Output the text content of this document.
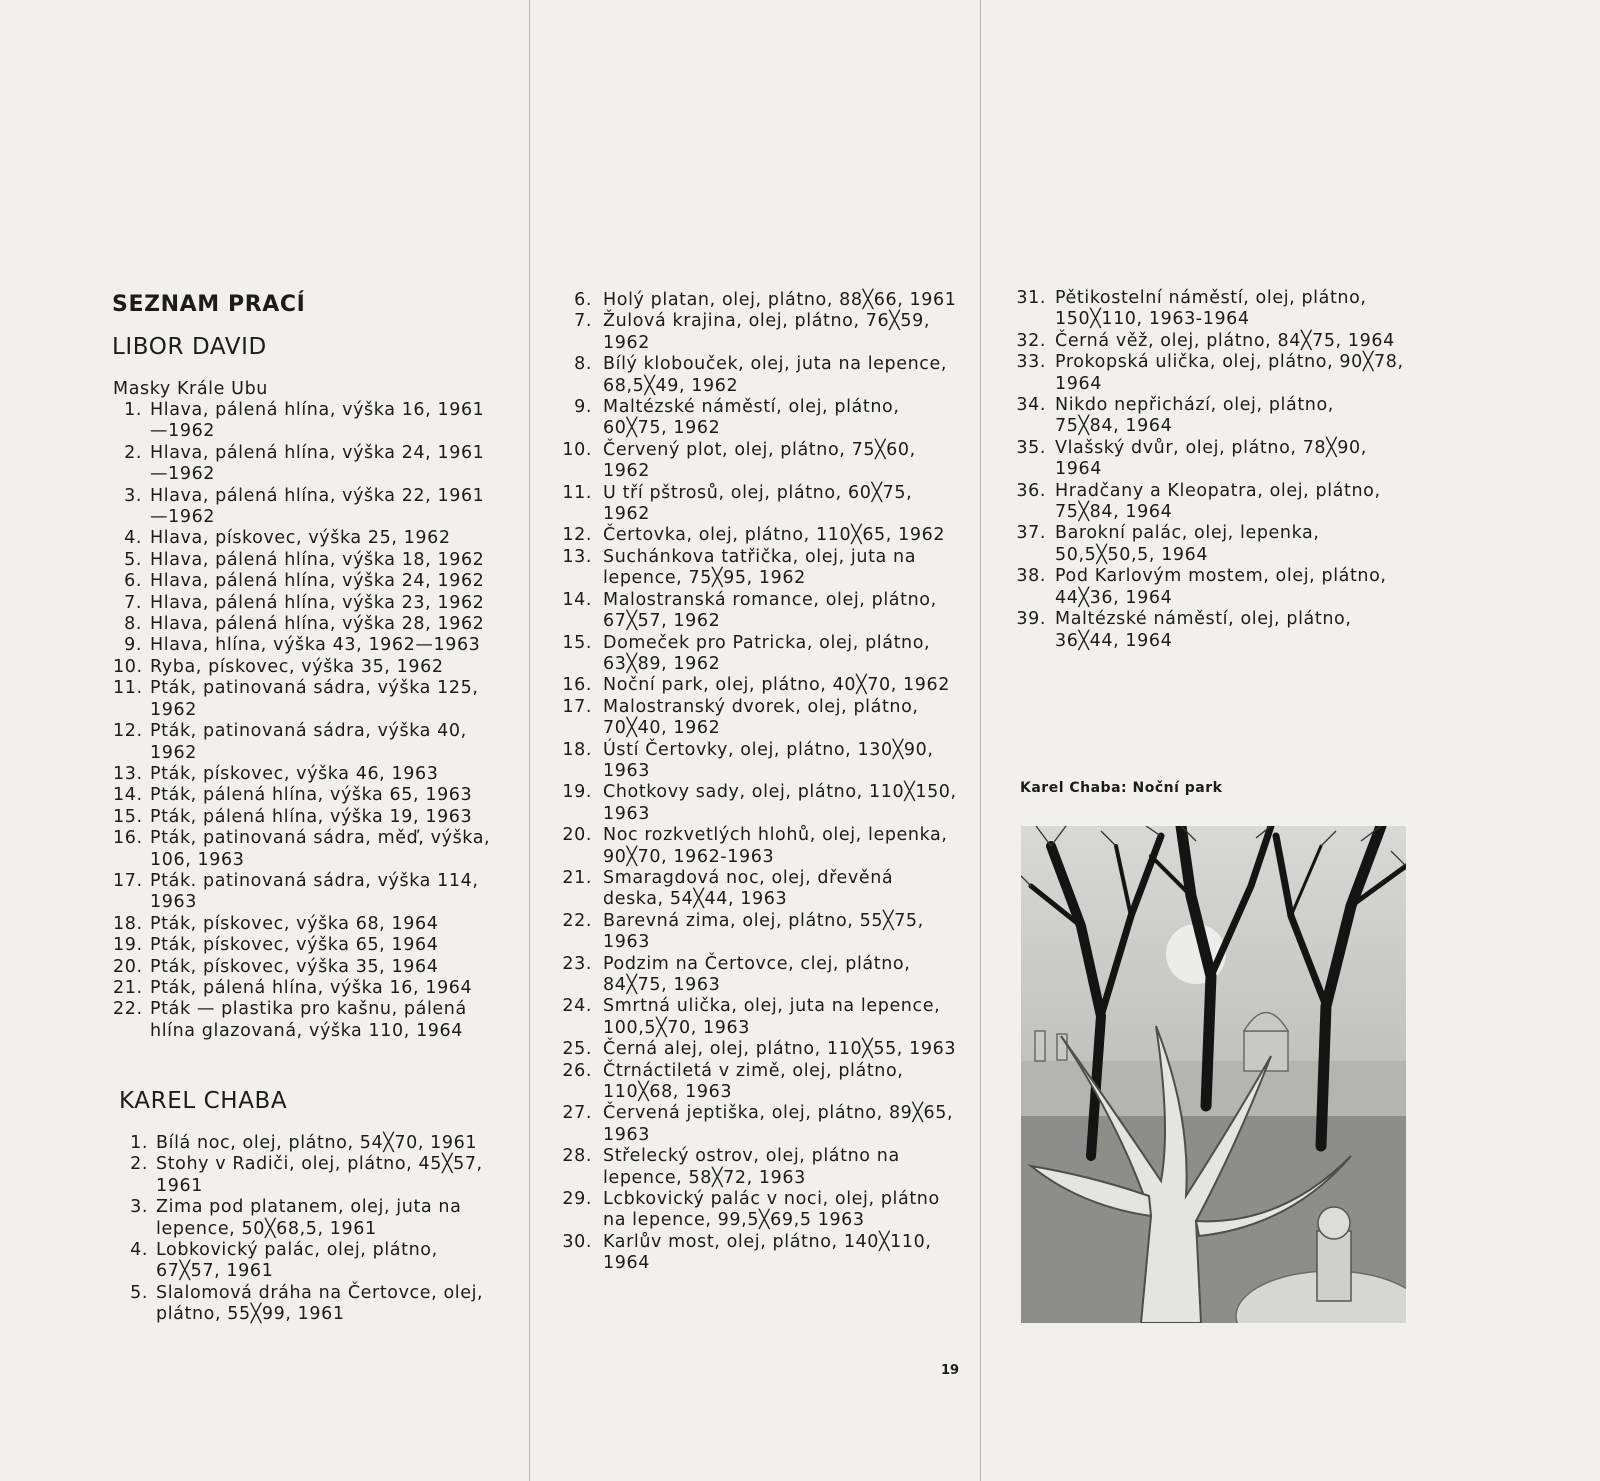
SEZNAM PRACÍ
LIBOR DAVID
Masky Krále Ubu
1. Hlava, pálená hlína, výška 16, 1961—1962
2. Hlava, pálená hlína, výška 24, 1961—1962
3. Hlava, pálená hlína, výška 22, 1961—1962
4. Hlava, pískovec, výška 25, 1962
5. Hlava, pálená hlína, výška 18, 1962
6. Hlava, pálená hlína, výška 24, 1962
7. Hlava, pálená hlína, výška 23, 1962
8. Hlava, pálená hlína, výška 28, 1962
9. Hlava, hlína, výška 43, 1962—1963
10. Ryba, pískovec, výška 35, 1962
11. Pták, patinovaná sádra, výška 125, 1962
12. Pták, patinovaná sádra, výška 40, 1962
13. Pták, pískovec, výška 46, 1963
14. Pták, pálená hlína, výška 65, 1963
15. Pták, pálená hlína, výška 19, 1963
16. Pták, patinovaná sádra, měď, výška, 106, 1963
17. Pták. patinovaná sádra, výška 114, 1963
18. Pták, pískovec, výška 68, 1964
19. Pták, pískovec, výška 65, 1964
20. Pták, pískovec, výška 35, 1964
21. Pták, pálená hlína, výška 16, 1964
22. Pták — plastika pro kašnu, pálená hlína glazovaná, výška 110, 1964
KAREL CHABA
1. Bílá noc, olej, plátno, 54╳70, 1961
2. Stohy v Radiči, olej, plátno, 45╳57, 1961
3. Zima pod platanem, olej, juta na lepence, 50╳68,5, 1961
4. Lobkovický palác, olej, plátno, 67╳57, 1961
5. Slalomová dráha na Čertovce, olej, plátno, 55╳99, 1961
6. Holý platan, olej, plátno, 88╳66, 1961
7. Žulová krajina, olej, plátno, 76╳59, 1962
8. Bílý klobouček, olej, juta na lepence, 68,5╳49, 1962
9. Maltézské náměstí, olej, plátno, 60╳75, 1962
10. Červený plot, olej, plátno, 75╳60, 1962
11. U tří pštrosů, olej, plátno, 60╳75, 1962
12. Čertovka, olej, plátno, 110╳65, 1962
13. Suchánkova tatřička, olej, juta na lepence, 75╳95, 1962
14. Malostranská romance, olej, plátno, 67╳57, 1962
15. Domeček pro Patricka, olej, plátno, 63╳89, 1962
16. Noční park, olej, plátno, 40╳70, 1962
17. Malostranský dvorek, olej, plátno, 70╳40, 1962
18. Ústí Čertovky, olej, plátno, 130╳90, 1963
19. Chotkovy sady, olej, plátno, 110╳150, 1963
20. Noc rozkvetlých hlohů, olej, lepenka, 90╳70, 1962-1963
21. Smaragdová noc, olej, dřevěná deska, 54╳44, 1963
22. Barevná zima, olej, plátno, 55╳75, 1963
23. Podzim na Čertovce, clej, plátno, 84╳75, 1963
24. Smrtná ulička, olej, juta na lepence, 100,5╳70, 1963
25. Černá alej, olej, plátno, 110╳55, 1963
26. Čtrnáctiletá v zimě, olej, plátno, 110╳68, 1963
27. Červená jeptiška, olej, plátno, 89╳65, 1963
28. Střelecký ostrov, olej, plátno na lepence, 58╳72, 1963
29. Lcbkovický palác v noci, olej, plátno na lepence, 99,5╳69,5 1963
30. Karlův most, olej, plátno, 140╳110, 1964
31. Pětikostelní náměstí, olej, plátno, 150╳110, 1963-1964
32. Černá věž, olej, plátno, 84╳75, 1964
33. Prokopská ulička, olej, plátno, 90╳78, 1964
34. Nikdo nepřichází, olej, plátno, 75╳84, 1964
35. Vlašský dvůr, olej, plátno, 78╳90, 1964
36. Hradčany a Kleopatra, olej, plátno, 75╳84, 1964
37. Barokní palác, olej, lepenka, 50,5╳50,5, 1964
38. Pod Karlovým mostem, olej, plátno, 44╳36, 1964
39. Maltézské náměstí, olej, plátno, 36╳44, 1964
Karel Chaba: Noční park
19
